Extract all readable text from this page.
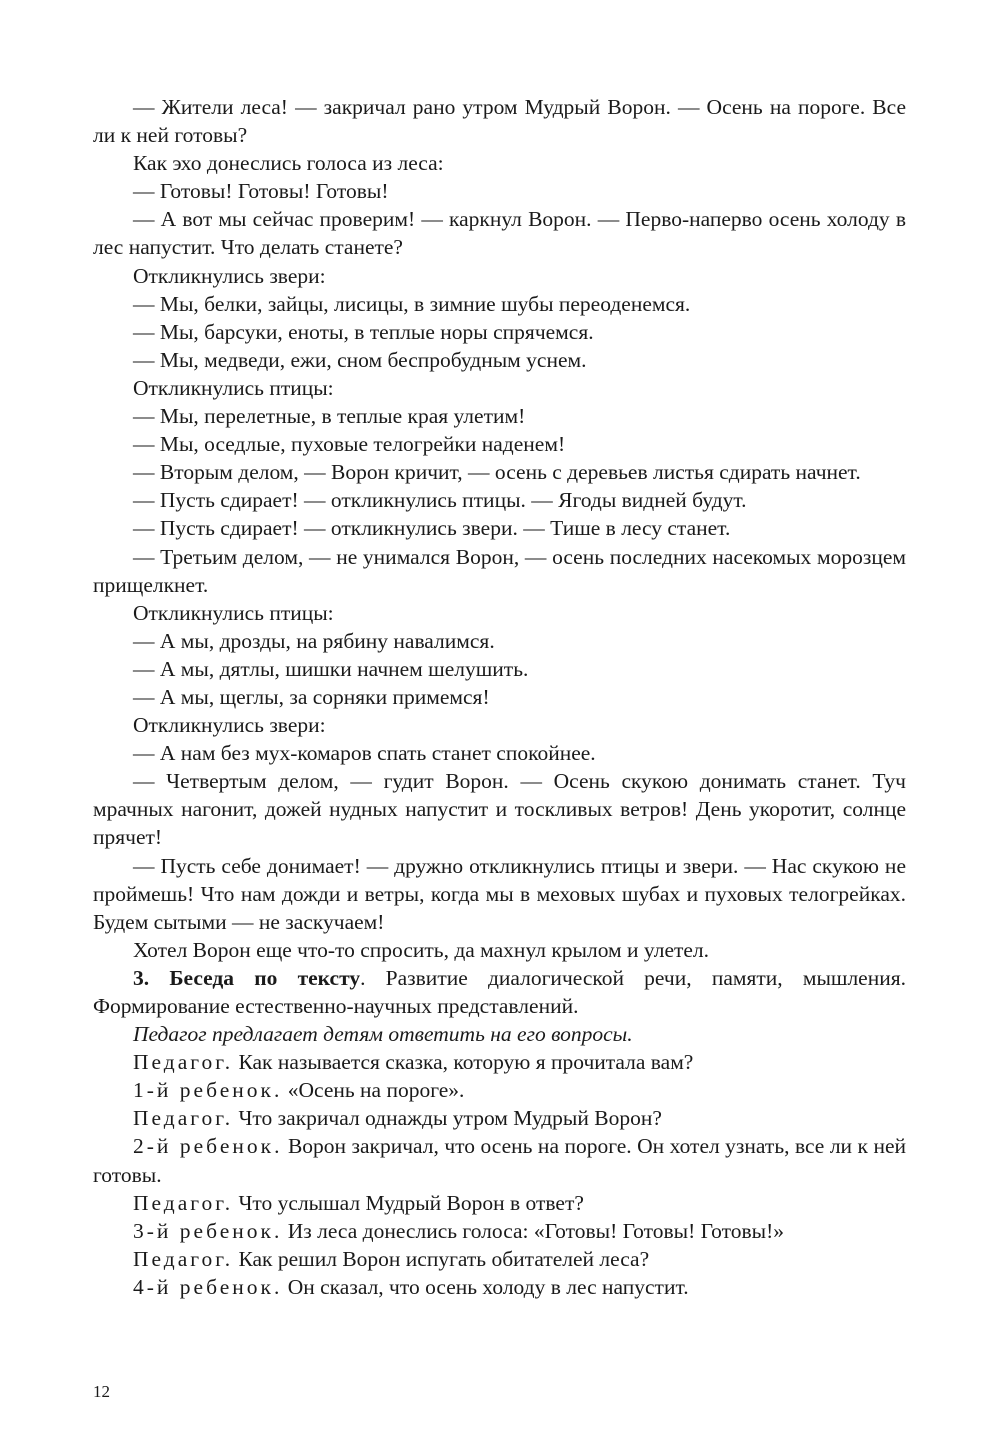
— Жители леса! — закричал рано утром Мудрый Ворон. — Осень на пороге. Все ли к ней готовы?

Как эхо донеслись голоса из леса:

— Готовы! Готовы! Готовы!

— А вот мы сейчас проверим! — каркнул Ворон. — Перво-наперво осень холоду в лес напустит. Что делать станете?

Откликнулись звери:

— Мы, белки, зайцы, лисицы, в зимние шубы переоденемся.

— Мы, барсуки, еноты, в теплые норы спрячемся.

— Мы, медведи, ежи, сном беспробудным уснем.

Откликнулись птицы:

— Мы, перелетные, в теплые края улетим!

— Мы, оседлые, пуховые телогрейки наденем!

— Вторым делом, — Ворон кричит, — осень с деревьев листья сдирать начнет.

— Пусть сдирает! — откликнулись птицы. — Ягоды видней будут.

— Пусть сдирает! — откликнулись звери. — Тише в лесу станет.

— Третьим делом, — не унимался Ворон, — осень последних насекомых морозцем прищелкнет.

Откликнулись птицы:

— А мы, дрозды, на рябину навалимся.

— А мы, дятлы, шишки начнем шелушить.

— А мы, щеглы, за сорняки примемся!

Откликнулись звери:

— А нам без мух-комаров спать станет спокойнее.

— Четвертым делом, — гудит Ворон. — Осень скукою донимать станет. Туч мрачных нагонит, дожей нудных напустит и тоскливых ветров! День укоротит, солнце прячет!

— Пусть себе донимает! — дружно откликнулись птицы и звери. — Нас скукою не проймешь! Что нам дожди и ветры, когда мы в меховых шубах и пуховых телогрейках. Будем сытыми — не заскучаем!

Хотел Ворон еще что-то спросить, да махнул крылом и улетел.

3. Беседа по тексту. Развитие диалогической речи, памяти, мышления. Формирование естественно-научных представлений.

Педагог предлагает детям ответить на его вопросы.

Педагог. Как называется сказка, которую я прочитала вам?

1-й ребенок. «Осень на пороге».

Педагог. Что закричал однажды утром Мудрый Ворон?

2-й ребенок. Ворон закричал, что осень на пороге. Он хотел узнать, все ли к ней готовы.

Педагог. Что услышал Мудрый Ворон в ответ?

3-й ребенок. Из леса донеслись голоса: «Готовы! Готовы! Готовы!»

Педагог. Как решил Ворон испугать обитателей леса?

4-й ребенок. Он сказал, что осень холоду в лес напустит.

12
